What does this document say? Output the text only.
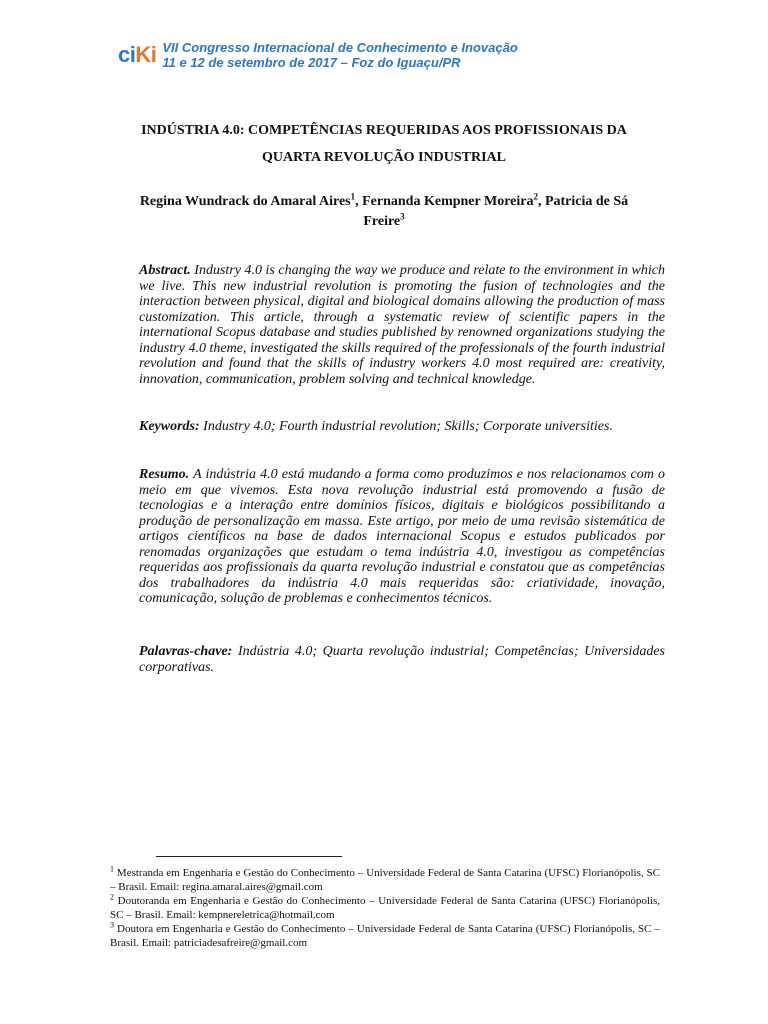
ciKi VII Congresso Internacional de Conhecimento e Inovação
11 e 12 de setembro de 2017 – Foz do Iguaçu/PR
INDÚSTRIA 4.0: COMPETÊNCIAS REQUERIDAS AOS PROFISSIONAIS DA
QUARTA REVOLUÇÃO INDUSTRIAL
Regina Wundrack do Amaral Aires$^1$, Fernanda Kempner Moreira$^2$, Patricia de Sá
Freire$^3$
Abstract. Industry 4.0 is changing the way we produce and relate to the environment in which we live. This new industrial revolution is promoting the fusion of technologies and the interaction between physical, digital and biological domains allowing the production of mass customization. This article, through a systematic review of scientific papers in the international Scopus database and studies published by renowned organizations studying the industry 4.0 theme, investigated the skills required of the professionals of the fourth industrial revolution and found that the skills of industry workers 4.0 most required are: creativity, innovation, communication, problem solving and technical knowledge.
Keywords: Industry 4.0; Fourth industrial revolution; Skills; Corporate universities.
Resumo. A indústria 4.0 está mudando a forma como produzimos e nos relacionamos com o meio em que vivemos. Esta nova revolução industrial está promovendo a fusão de tecnologias e a interação entre domínios físicos, digitais e biológicos possibilitando a produção de personalização em massa. Este artigo, por meio de uma revisão sistemática de artigos científicos na base de dados internacional Scopus e estudos publicados por renomadas organizações que estudam o tema indústria 4.0, investigou as competências requeridas aos profissionais da quarta revolução industrial e constatou que as competências dos trabalhadores da indústria 4.0 mais requeridas são: criatividade, inovação, comunicação, solução de problemas e conhecimentos técnicos.
Palavras-chave: Indústria 4.0; Quarta revolução industrial; Competências; Universidades corporativas.

$^1$ Mestranda em Engenharia e Gestão do Conhecimento – Universidade Federal de Santa Catarina (UFSC) Florianópolis, SC – Brasil. Email: regina.amaral.aires@gmail.com

$^2$ Doutoranda em Engenharia e Gestão do Conhecimento – Universidade Federal de Santa Catarina (UFSC) Florianópolis, SC – Brasil. Email: kempnereletrica@hotmail.com

$^3$ Doutora em Engenharia e Gestão do Conhecimento – Universidade Federal de Santa Catarina (UFSC) Florianópolis, SC – Brasil. Email: patriciadesafreire@gmail.com
